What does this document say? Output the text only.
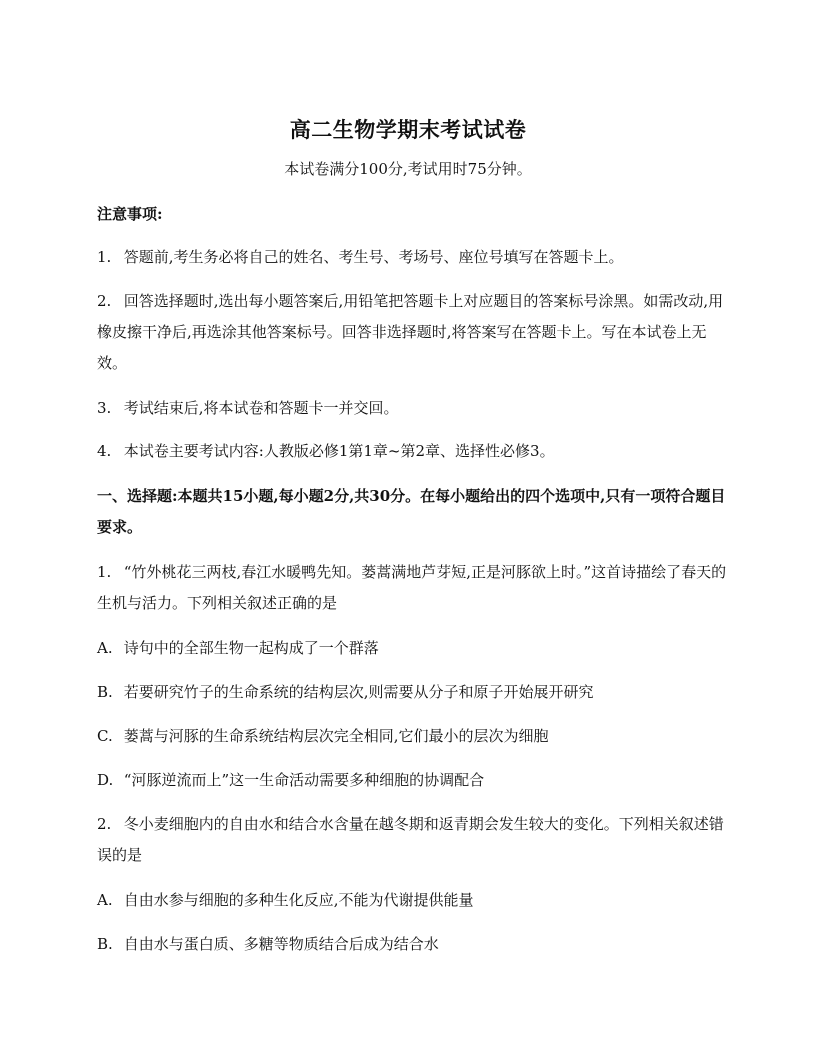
高二生物学期末考试试卷
本试卷满分100分,考试用时75分钟。
注意事项:
1. 答题前,考生务必将自己的姓名、考生号、考场号、座位号填写在答题卡上。
2. 回答选择题时,选出每小题答案后,用铅笔把答题卡上对应题目的答案标号涂黑。如需改动,用橡皮擦干净后,再选涂其他答案标号。回答非选择题时,将答案写在答题卡上。写在本试卷上无效。
3. 考试结束后,将本试卷和答题卡一并交回。
4. 本试卷主要考试内容:人教版必修1第1章~第2章、选择性必修3。
一、选择题:本题共15小题,每小题2分,共30分。在每小题给出的四个选项中,只有一项符合题目要求。
1. “竹外桃花三两枝,春江水暖鸭先知。蒌蒿满地芦芽短,正是河豚欲上时。”这首诗描绘了春天的生机与活力。下列相关叙述正确的是
A. 诗句中的全部生物一起构成了一个群落
B. 若要研究竹子的生命系统的结构层次,则需要从分子和原子开始展开研究
C. 蒌蒿与河豚的生命系统结构层次完全相同,它们最小的层次为细胞
D. “河豚逆流而上”这一生命活动需要多种细胞的协调配合
2. 冬小麦细胞内的自由水和结合水含量在越冬期和返青期会发生较大的变化。下列相关叙述错误的是
A. 自由水参与细胞的多种生化反应,不能为代谢提供能量
B. 自由水与蛋白质、多糖等物质结合后成为结合水
